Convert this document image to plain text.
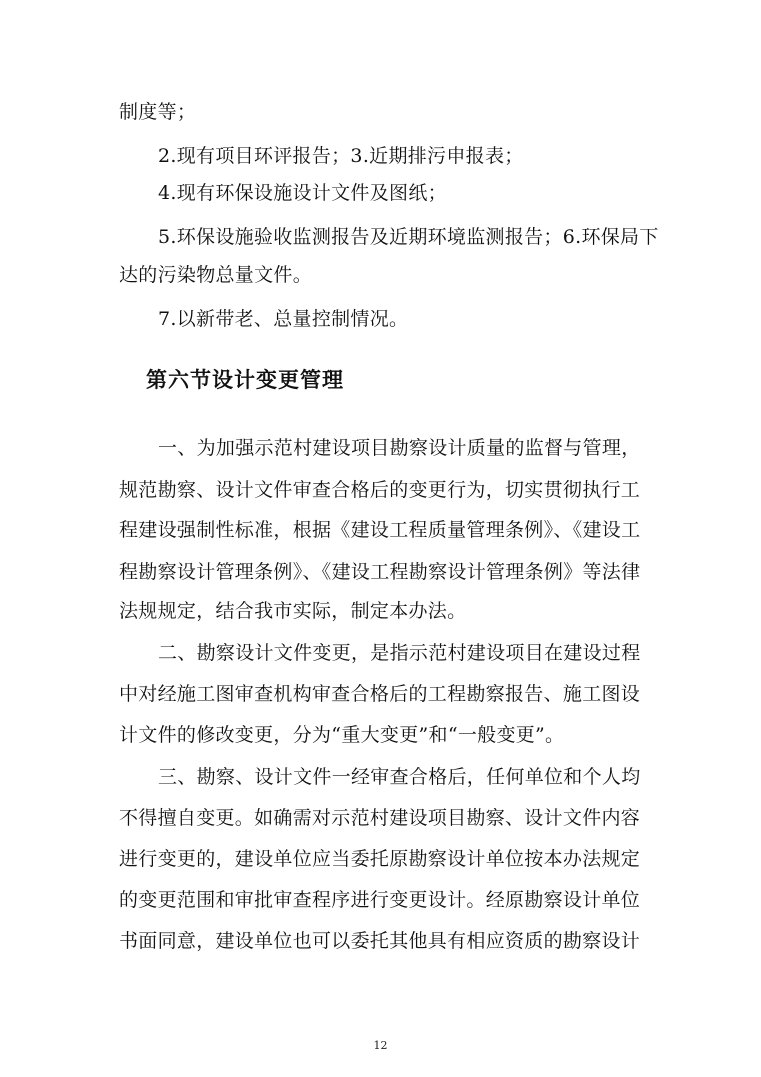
制度等；
2.现有项目环评报告；3.近期排污申报表；
4.现有环保设施设计文件及图纸；
5.环保设施验收监测报告及近期环境监测报告；6.环保局下
达的污染物总量文件。
7.以新带老、总量控制情况。
第六节设计变更管理
一、为加强示范村建设项目勘察设计质量的监督与管理，
规范勘察、设计文件审查合格后的变更行为，切实贯彻执行工
程建设强制性标准，根据《建设工程质量管理条例》、《建设工
程勘察设计管理条例》、《建设工程勘察设计管理条例》等法律
法规规定，结合我市实际，制定本办法。
二、勘察设计文件变更，是指示范村建设项目在建设过程
中对经施工图审查机构审查合格后的工程勘察报告、施工图设
计文件的修改变更，分为“重大变更”和“一般变更”。
三、勘察、设计文件一经审查合格后，任何单位和个人均
不得擅自变更。如确需对示范村建设项目勘察、设计文件内容
进行变更的，建设单位应当委托原勘察设计单位按本办法规定
的变更范围和审批审查程序进行变更设计。经原勘察设计单位
书面同意，建设单位也可以委托其他具有相应资质的勘察设计
12
